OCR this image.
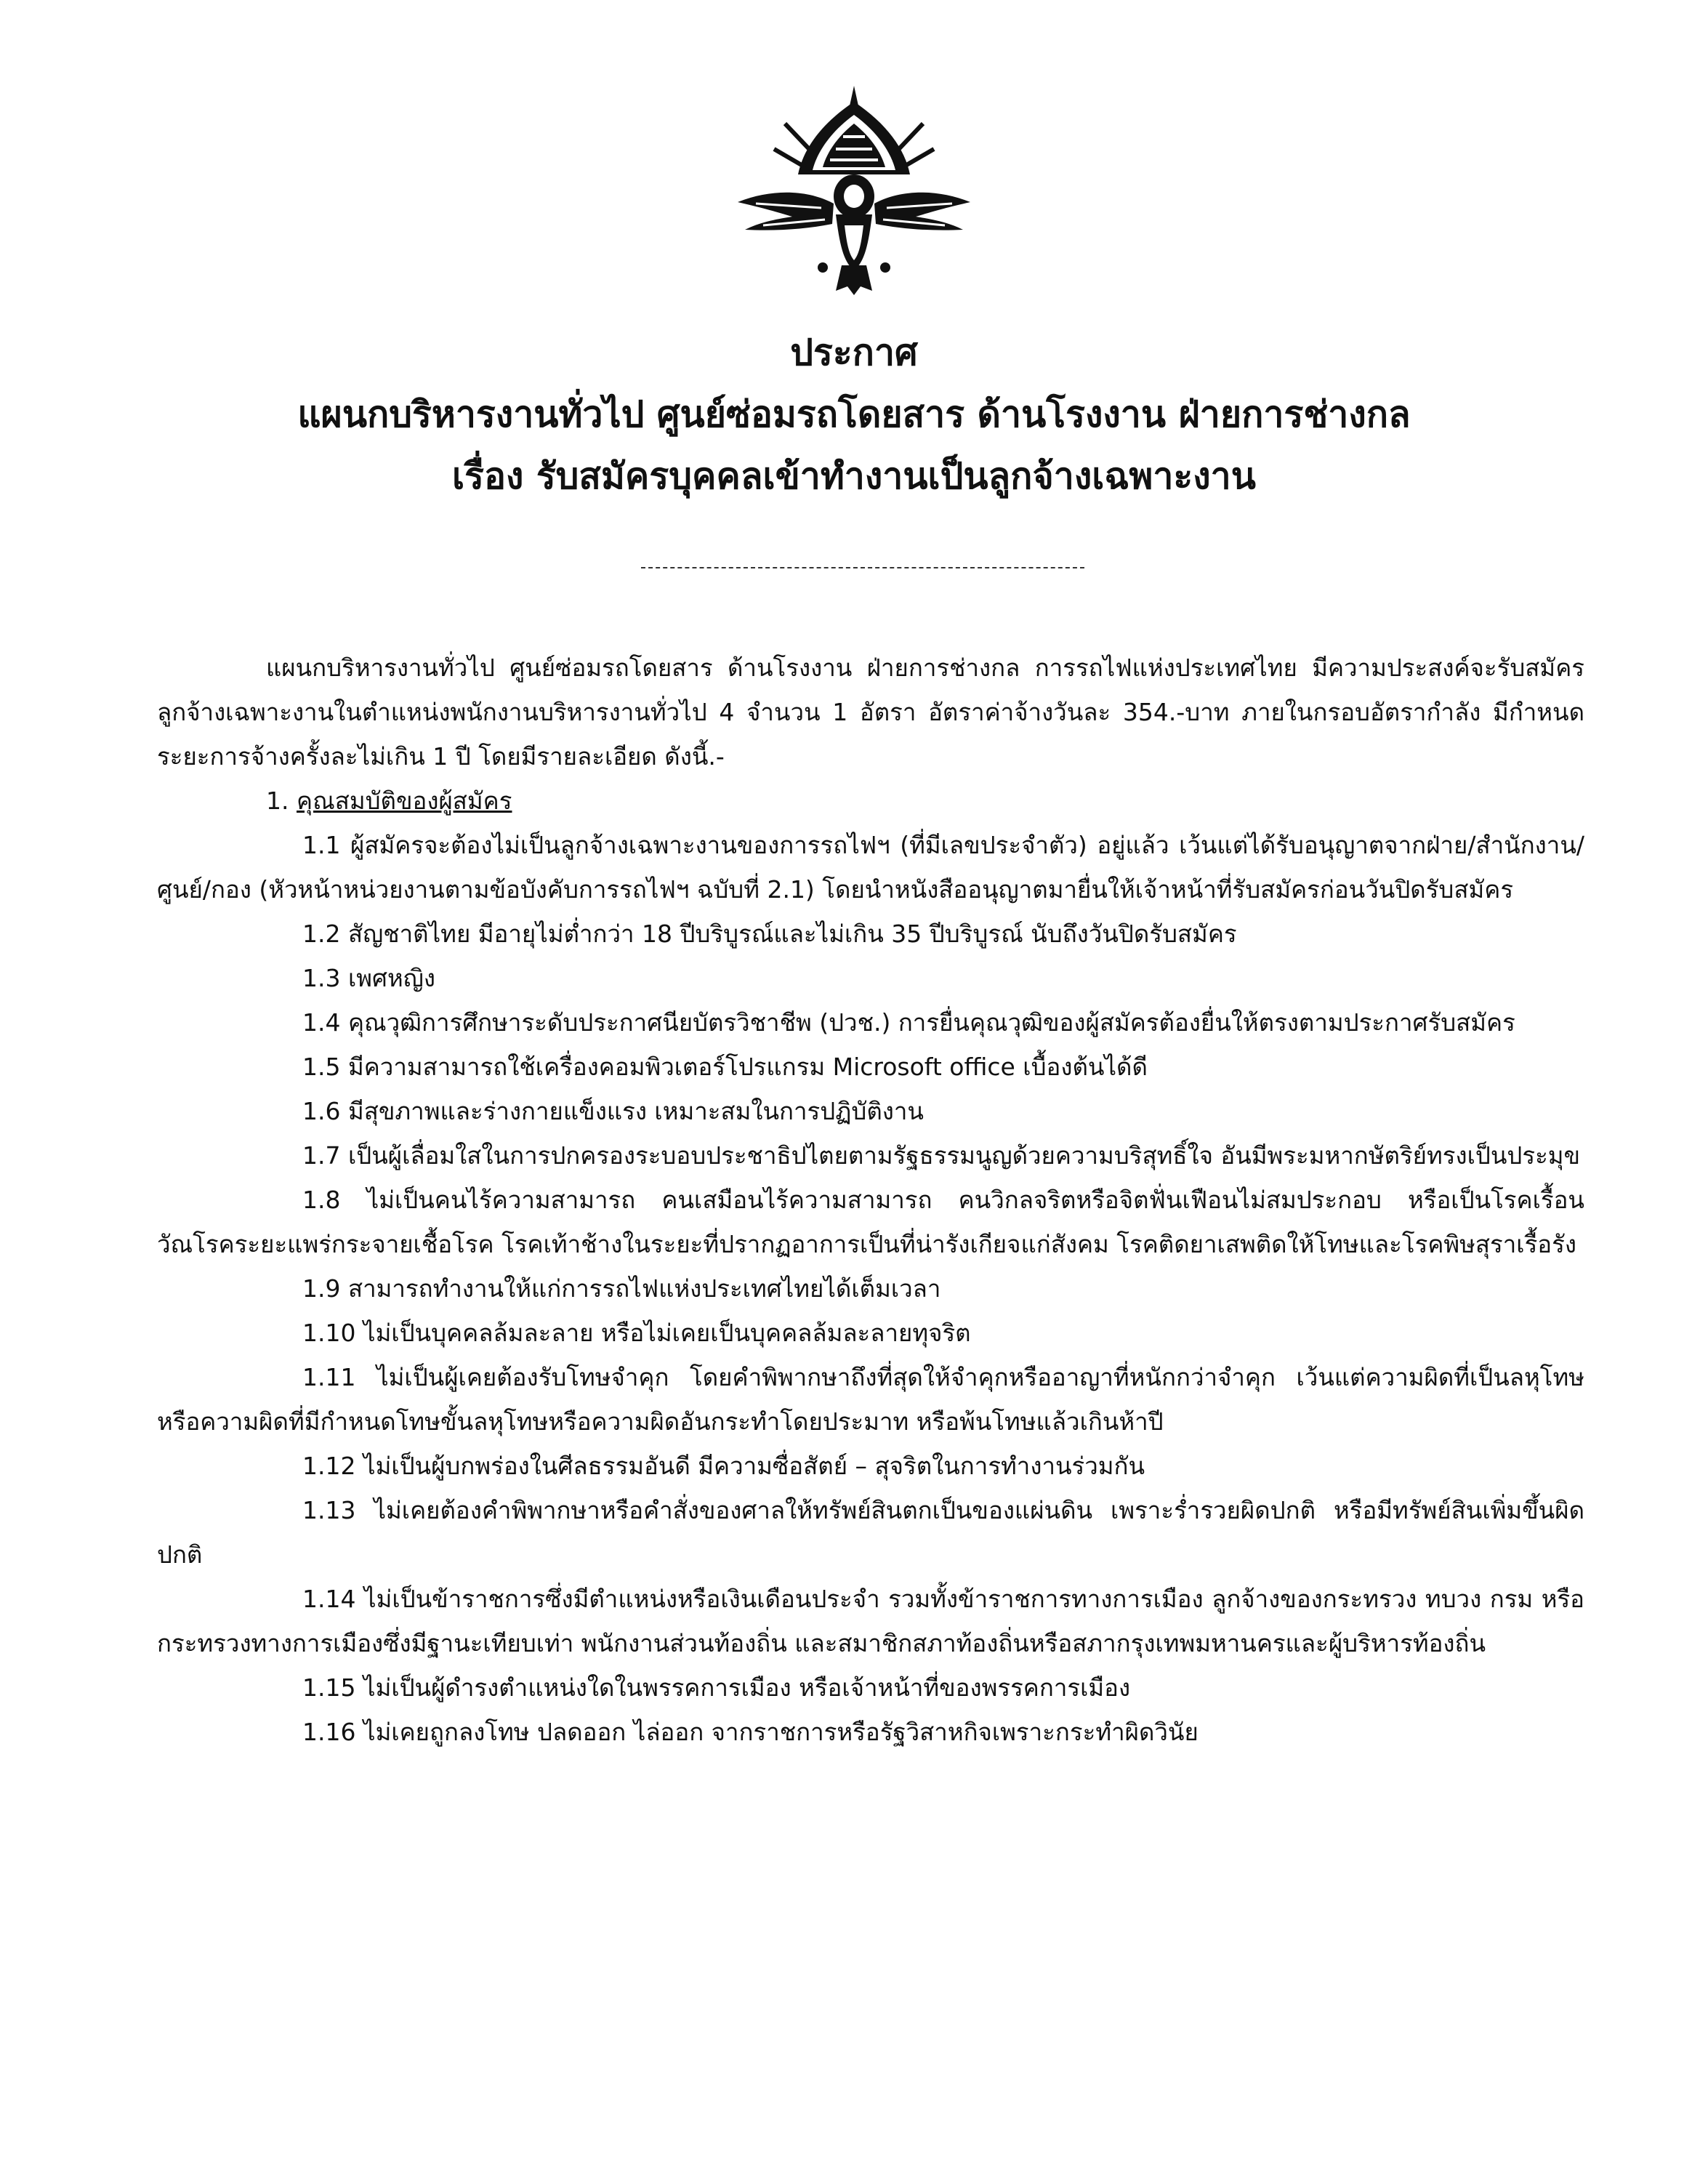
ประกาศ
แผนกบริหารงานทั่วไป ศูนย์ซ่อมรถโดยสาร ด้านโรงงาน ฝ่ายการช่างกล
เรื่อง รับสมัครบุคคลเข้าทำงานเป็นลูกจ้างเฉพาะงาน

แผนกบริหารงานทั่วไป ศูนย์ซ่อมรถโดยสาร ด้านโรงงาน ฝ่ายการช่างกล การรถไฟแห่งประเทศไทย มีความประสงค์จะรับสมัครลูกจ้างเฉพาะงานในตำแหน่งพนักงานบริหารงานทั่วไป 4 จำนวน 1 อัตรา อัตราค่าจ้างวันละ 354.-บาท ภายในกรอบอัตรากำลัง มีกำหนดระยะการจ้างครั้งละไม่เกิน 1 ปี โดยมีรายละเอียด ดังนี้.-

1. คุณสมบัติของผู้สมัคร

1.1 ผู้สมัครจะต้องไม่เป็นลูกจ้างเฉพาะงานของการรถไฟฯ (ที่มีเลขประจำตัว) อยู่แล้ว เว้นแต่ได้รับอนุญาตจากฝ่าย/สำนักงาน/ศูนย์/กอง (หัวหน้าหน่วยงานตามข้อบังคับการรถไฟฯ ฉบับที่ 2.1) โดยนำหนังสืออนุญาตมายื่นให้เจ้าหน้าที่รับสมัครก่อนวันปิดรับสมัคร

1.2 สัญชาติไทย มีอายุไม่ต่ำกว่า 18 ปีบริบูรณ์และไม่เกิน 35 ปีบริบูรณ์ นับถึงวันปิดรับสมัคร

1.3 เพศหญิง

1.4 คุณวุฒิการศึกษาระดับประกาศนียบัตรวิชาชีพ (ปวช.) การยื่นคุณวุฒิของผู้สมัครต้องยื่นให้ตรงตามประกาศรับสมัคร

1.5 มีความสามารถใช้เครื่องคอมพิวเตอร์โปรแกรม Microsoft office เบื้องต้นได้ดี

1.6 มีสุขภาพและร่างกายแข็งแรง เหมาะสมในการปฏิบัติงาน

1.7 เป็นผู้เลื่อมใสในการปกครองระบอบประชาธิปไตยตามรัฐธรรมนูญด้วยความบริสุทธิ์ใจ อันมีพระมหากษัตริย์ทรงเป็นประมุข

1.8 ไม่เป็นคนไร้ความสามารถ คนเสมือนไร้ความสามารถ คนวิกลจริตหรือจิตฟั่นเฟือนไม่สมประกอบ หรือเป็นโรคเรื้อน วัณโรคระยะแพร่กระจายเชื้อโรค โรคเท้าช้างในระยะที่ปรากฏอาการเป็นที่น่ารังเกียจแก่สังคม โรคติดยาเสพติดให้โทษและโรคพิษสุราเรื้อรัง

1.9 สามารถทำงานให้แก่การรถไฟแห่งประเทศไทยได้เต็มเวลา

1.10 ไม่เป็นบุคคลล้มละลาย หรือไม่เคยเป็นบุคคลล้มละลายทุจริต

1.11 ไม่เป็นผู้เคยต้องรับโทษจำคุก โดยคำพิพากษาถึงที่สุดให้จำคุกหรืออาญาที่หนักกว่าจำคุก เว้นแต่ความผิดที่เป็นลหุโทษ หรือความผิดที่มีกำหนดโทษขั้นลหุโทษหรือความผิดอันกระทำโดยประมาท หรือพ้นโทษแล้วเกินห้าปี

1.12 ไม่เป็นผู้บกพร่องในศีลธรรมอันดี มีความซื่อสัตย์ – สุจริตในการทำงานร่วมกัน

1.13 ไม่เคยต้องคำพิพากษาหรือคำสั่งของศาลให้ทรัพย์สินตกเป็นของแผ่นดิน เพราะร่ำรวยผิดปกติ หรือมีทรัพย์สินเพิ่มขึ้นผิดปกติ

1.14 ไม่เป็นข้าราชการซึ่งมีตำแหน่งหรือเงินเดือนประจำ รวมทั้งข้าราชการทางการเมือง ลูกจ้างของกระทรวง ทบวง กรม หรือกระทรวงทางการเมืองซึ่งมีฐานะเทียบเท่า พนักงานส่วนท้องถิ่น และสมาชิกสภาท้องถิ่นหรือสภากรุงเทพมหานครและผู้บริหารท้องถิ่น

1.15 ไม่เป็นผู้ดำรงตำแหน่งใดในพรรคการเมือง หรือเจ้าหน้าที่ของพรรคการเมือง

1.16 ไม่เคยถูกลงโทษ ปลดออก ไล่ออก จากราชการหรือรัฐวิสาหกิจเพราะกระทำผิดวินัย
